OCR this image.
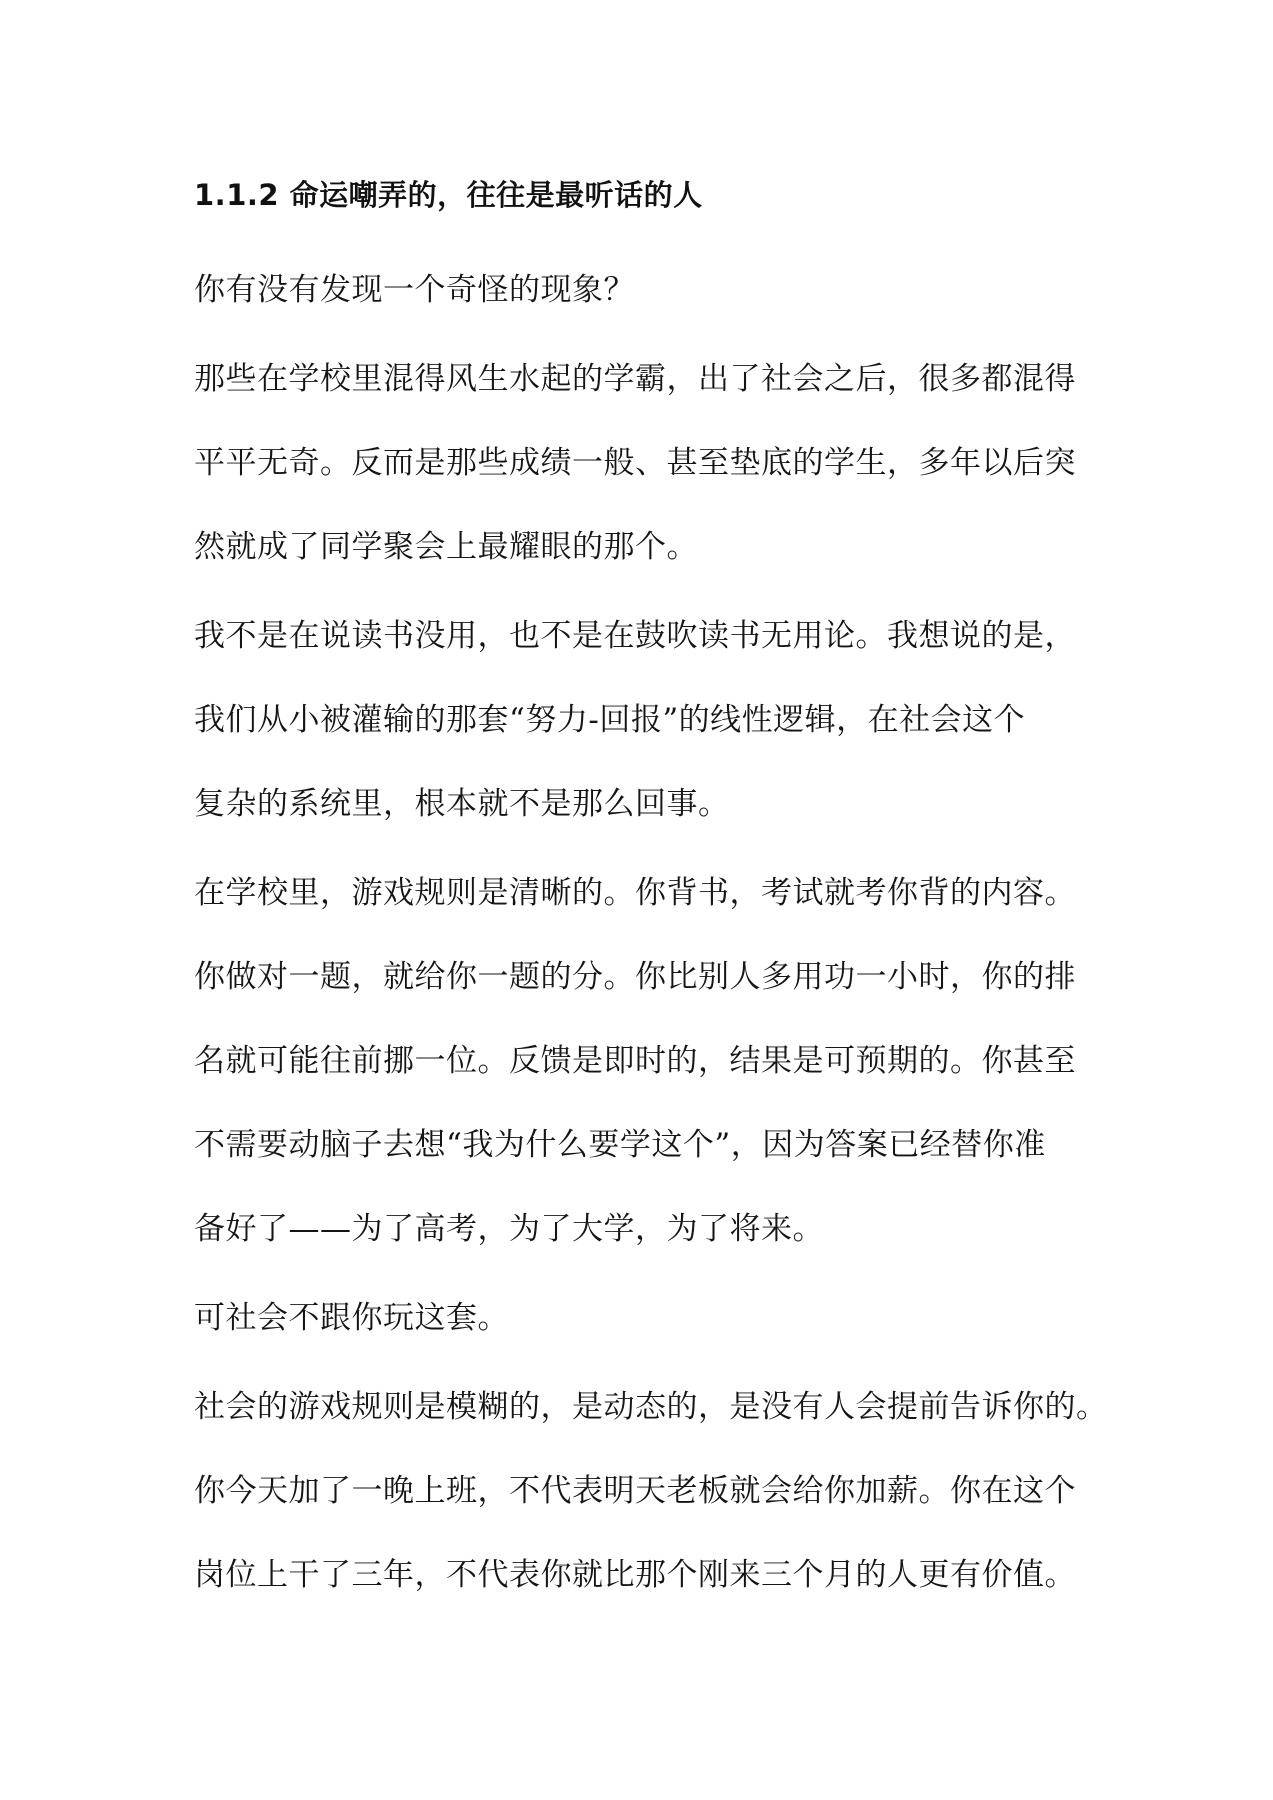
1.1.2 命运嘲弄的，往往是最听话的人

你有没有发现一个奇怪的现象？

那些在学校里混得风生水起的学霸，出了社会之后，很多都混得
平平无奇。反而是那些成绩一般、甚至垫底的学生，多年以后突
然就成了同学聚会上最耀眼的那个。

我不是在说读书没用，也不是在鼓吹读书无用论。我想说的是，
我们从小被灌输的那套“努力-回报”的线性逻辑，在社会这个
复杂的系统里，根本就不是那么回事。

在学校里，游戏规则是清晰的。你背书，考试就考你背的内容。
你做对一题，就给你一题的分。你比别人多用功一小时，你的排
名就可能往前挪一位。反馈是即时的，结果是可预期的。你甚至
不需要动脑子去想“我为什么要学这个”，因为答案已经替你准
备好了——为了高考，为了大学，为了将来。

可社会不跟你玩这套。

社会的游戏规则是模糊的，是动态的，是没有人会提前告诉你的。
你今天加了一晚上班，不代表明天老板就会给你加薪。你在这个
岗位上干了三年，不代表你就比那个刚来三个月的人更有价值。
